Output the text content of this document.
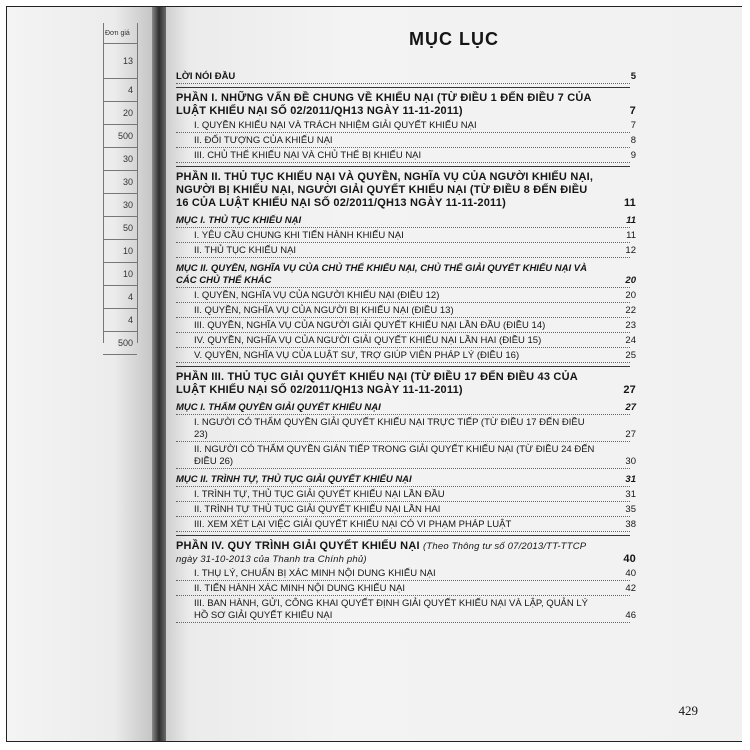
Đơn giá
13
4
20
500
30
30
30
50
10
10
4
4
500
MỤC LỤC
LỜI NÓI ĐẦU	5
PHẦN I. NHỮNG VẤN ĐỀ CHUNG VỀ KHIẾU NẠI (TỪ ĐIỀU 1 ĐẾN ĐIỀU 7 CỦA LUẬT KHIẾU NẠI SỐ 02/2011/QH13 NGÀY 11-11-2011)	7
I. QUYỀN KHIẾU NẠI VÀ TRÁCH NHIỆM GIẢI QUYẾT KHIẾU NẠI	7
II. ĐỐI TƯỢNG CỦA KHIẾU NẠI	8
III. CHỦ THỂ KHIẾU NẠI VÀ CHỦ THỂ BỊ KHIẾU NẠI	9
PHẦN II. THỦ TỤC KHIẾU NẠI VÀ QUYỀN, NGHĨA VỤ CỦA NGƯỜI KHIẾU NẠI, NGƯỜI BỊ KHIẾU NẠI, NGƯỜI GIẢI QUYẾT KHIẾU NẠI (TỪ ĐIỀU 8 ĐẾN ĐIỀU 16 CỦA LUẬT KHIẾU NẠI SỐ 02/2011/QH13 NGÀY 11-11-2011)	11
MỤC I. THỦ TỤC KHIẾU NẠI	11
I. YÊU CẦU CHUNG KHI TIẾN HÀNH KHIẾU NẠI	11
II. THỦ TỤC KHIẾU NẠI	12
MỤC II. QUYỀN, NGHĨA VỤ CỦA CHỦ THỂ KHIẾU NẠI, CHỦ THỂ GIẢI QUYẾT KHIẾU NẠI VÀ CÁC CHỦ THỂ KHÁC	20
I. QUYỀN, NGHĨA VỤ CỦA NGƯỜI KHIẾU NẠI (ĐIỀU 12)	20
II. QUYỀN, NGHĨA VỤ CỦA NGƯỜI BỊ KHIẾU NẠI (ĐIỀU 13)	22
III. QUYỀN, NGHĨA VỤ CỦA NGƯỜI GIẢI QUYẾT KHIẾU NẠI LẦN ĐẦU (ĐIỀU 14)	23
IV. QUYỀN, NGHĨA VỤ CỦA NGƯỜI GIẢI QUYẾT KHIẾU NẠI LẦN HAI (ĐIỀU 15)	24
V. QUYỀN, NGHĨA VỤ CỦA LUẬT SƯ, TRỢ GIÚP VIÊN PHÁP LÝ (ĐIỀU 16)	25
PHẦN III. THỦ TỤC GIẢI QUYẾT KHIẾU NẠI (TỪ ĐIỀU 17 ĐẾN ĐIỀU 43 CỦA LUẬT KHIẾU NẠI SỐ 02/2011/QH13 NGÀY 11-11-2011)	27
MỤC I. THẨM QUYỀN GIẢI QUYẾT KHIẾU NẠI	27
I. NGƯỜI CÓ THẨM QUYỀN GIẢI QUYẾT KHIẾU NẠI TRỰC TIẾP (TỪ ĐIỀU 17 ĐẾN ĐIỀU 23)	27
II. NGƯỜI CÓ THẨM QUYỀN GIÁN TIẾP TRONG GIẢI QUYẾT KHIẾU NẠI (TỪ ĐIỀU 24 ĐẾN ĐIỀU 26)	30
MỤC II. TRÌNH TỰ, THỦ TỤC GIẢI QUYẾT KHIẾU NẠI	31
I. TRÌNH TỰ, THỦ TỤC GIẢI QUYẾT KHIẾU NẠI LẦN ĐẦU	31
II. TRÌNH TỰ THỦ TỤC GIẢI QUYẾT KHIẾU NẠI LẦN HAI	35
III. XEM XÉT LẠI VIỆC GIẢI QUYẾT KHIẾU NẠI CÓ VI PHẠM PHÁP LUẬT	38
PHẦN IV. QUY TRÌNH GIẢI QUYẾT KHIẾU NẠI (Theo Thông tư số 07/2013/TT-TTCP ngày 31-10-2013 của Thanh tra Chính phủ)	40
I. THỤ LÝ, CHUẨN BỊ XÁC MINH NỘI DUNG KHIẾU NẠI	40
II. TIẾN HÀNH XÁC MINH NỘI DUNG KHIẾU NẠI	42
III. BAN HÀNH, GỬI, CÔNG KHAI QUYẾT ĐỊNH GIẢI QUYẾT KHIẾU NẠI VÀ LẬP, QUẢN LÝ HỒ SƠ GIẢI QUYẾT KHIẾU NẠI	46
429
